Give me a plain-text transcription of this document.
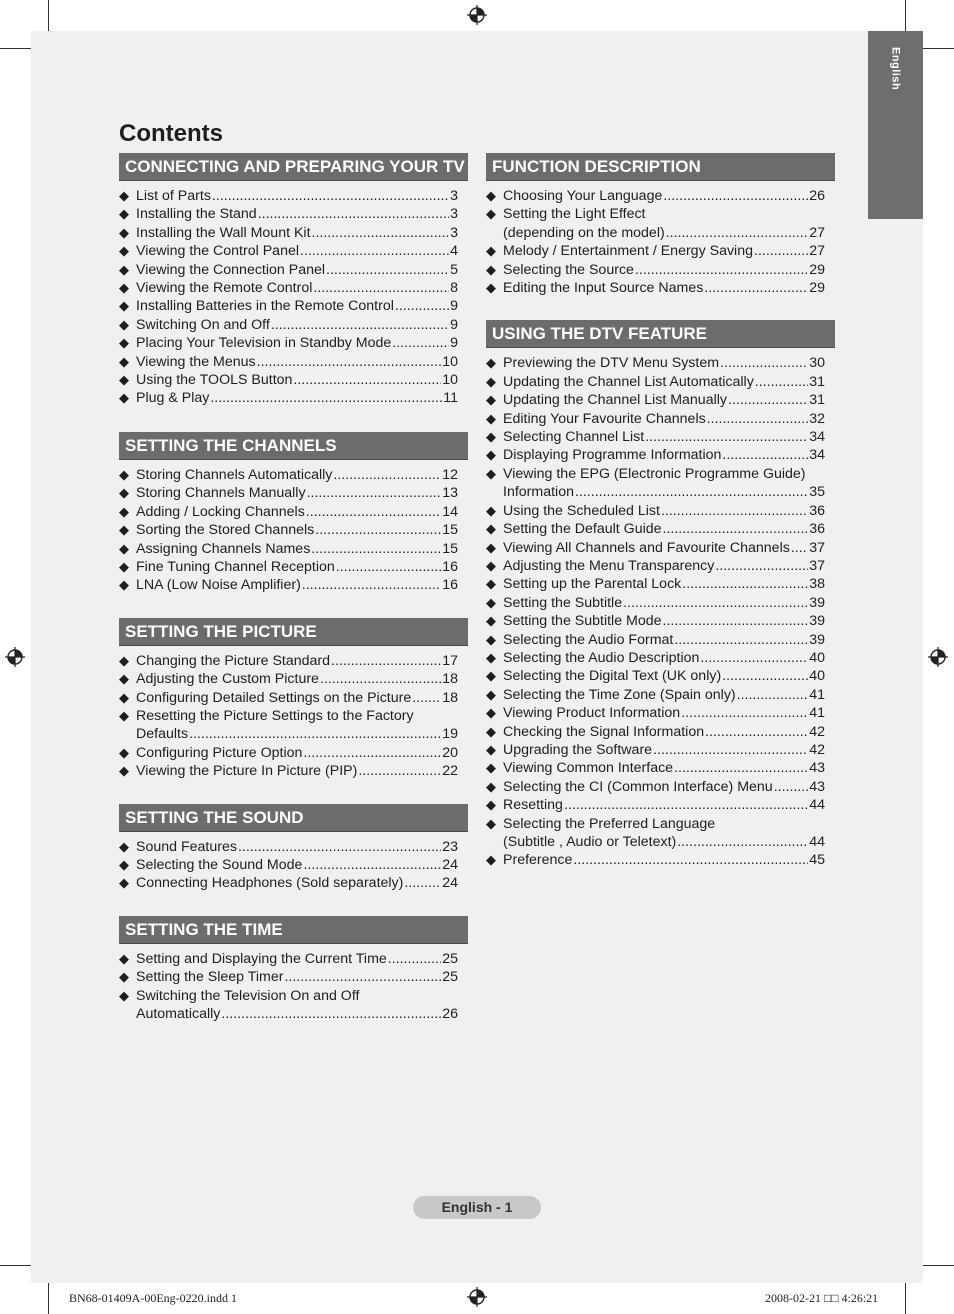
English
Contents
CONNECTING AND PREPARING YOUR TV
◆ List of Parts .....	3
◆ Installing the Stand .....	3
◆ Installing the Wall Mount Kit .....	3
◆ Viewing the Control Panel .....	4
◆ Viewing the Connection Panel .....	5
◆ Viewing the Remote Control .....	8
◆ Installing Batteries in the Remote Control .....	9
◆ Switching On and Off .....	9
◆ Placing Your Television in Standby Mode .....	9
◆ Viewing the Menus .....	10
◆ Using the TOOLS Button .....	10
◆ Plug & Play .....	11
SETTING THE CHANNELS
◆ Storing Channels Automatically .....	12
◆ Storing Channels Manually .....	13
◆ Adding / Locking Channels .....	14
◆ Sorting the Stored Channels .....	15
◆ Assigning Channels Names .....	15
◆ Fine Tuning Channel Reception .....	16
◆ LNA (Low Noise Amplifier) .....	16
SETTING THE PICTURE
◆ Changing the Picture Standard .....	17
◆ Adjusting the Custom Picture .....	18
◆ Configuring Detailed Settings on the Picture ..... 18
◆ Resetting the Picture Settings to the Factory
Defaults .....	19
◆ Configuring Picture Option .....	20
◆ Viewing the Picture In Picture (PIP) .....	22
SETTING THE SOUND
◆ Sound Features .....	23
◆ Selecting the Sound Mode .....	24
◆ Connecting Headphones (Sold separately) .....	24
SETTING THE TIME
◆ Setting and Displaying the Current Time .....	25
◆ Setting the Sleep Timer .....	25
◆ Switching the Television On and Off
Automatically .....	26
FUNCTION DESCRIPTION
◆ Choosing Your Language .....	26
◆ Setting the Light Effect
(depending on the model) .....	27
◆ Melody / Entertainment / Energy Saving .....	27
◆ Selecting the Source .....	29
◆ Editing the Input Source Names .....	29
USING THE DTV FEATURE
◆ Previewing the DTV Menu System .....	30
◆ Updating the Channel List Automatically .....	31
◆ Updating the Channel List Manually .....	31
◆ Editing Your Favourite Channels .....	32
◆ Selecting Channel List .....	34
◆ Displaying Programme Information .....	34
◆ Viewing the EPG (Electronic Programme Guide)
Information .....	35
◆ Using the Scheduled List .....	36
◆ Setting the Default Guide .....	36
◆ Viewing All Channels and Favourite Channels ..... 37
◆ Adjusting the Menu Transparency .....	37
◆ Setting up the Parental Lock .....	38
◆ Setting the Subtitle .....	39
◆ Setting the Subtitle Mode .....	39
◆ Selecting the Audio Format .....	39
◆ Selecting the Audio Description .....	40
◆ Selecting the Digital Text (UK only) .....	40
◆ Selecting the Time Zone (Spain only) .....	41
◆ Viewing Product Information .....	41
◆ Checking the Signal Information .....	42
◆ Upgrading the Software .....	42
◆ Viewing Common Interface .....	43
◆ Selecting the CI (Common Interface) Menu .....	43
◆ Resetting .....	44
◆ Selecting the Preferred Language
(Subtitle , Audio or Teletext) .....	44
◆ Preference .....	45
English - 1
BN68-01409A-00Eng-0220.indd 1	2008-02-21 □□ 4:26:21
